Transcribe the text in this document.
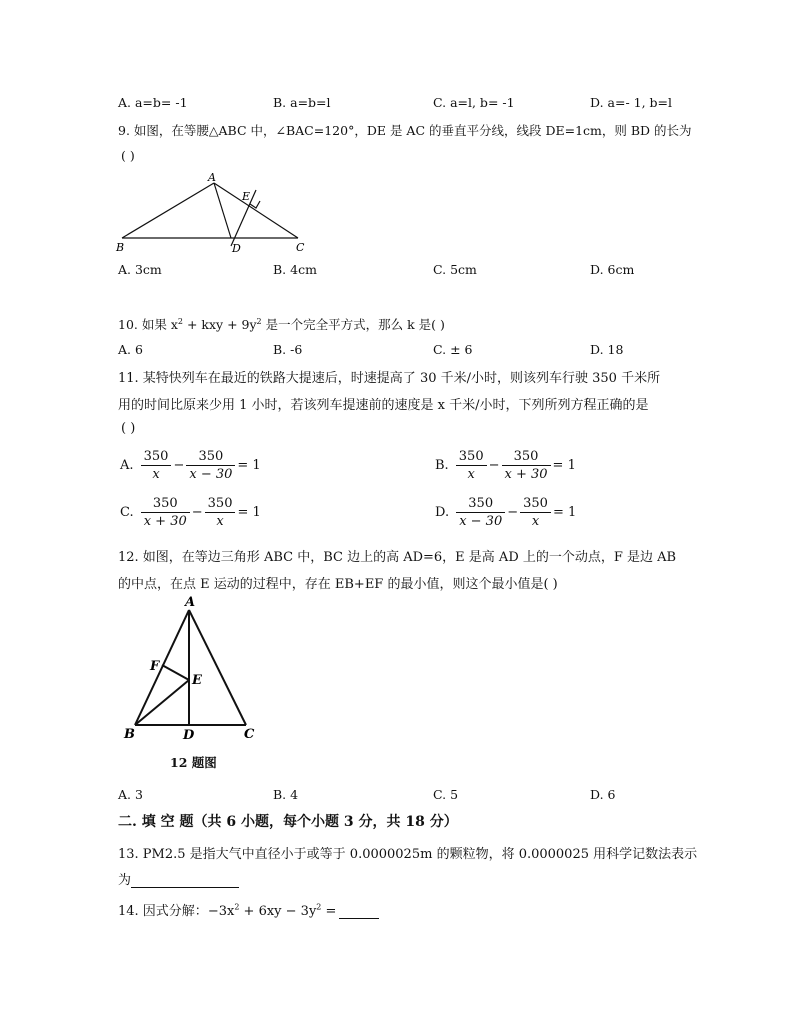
A. a=b= -1	B. a=b=l	C. a=l, b= -1	D. a=- 1, b=l
9. 如图，在等腰△ABC 中，∠BAC=120°，DE 是 AC 的垂直平分线，线段 DE=1cm，则 BD 的长为
( )
A
B	C
D
E
A. 3cm	B. 4cm	C. 5cm	D. 6cm
10. 如果 $x^2$ + kxy + $9y^2$ 是一个完全平方式，那么 k 是( )
A. 6	B. -6	C. ± 6	D. 18
11. 某特快列车在最近的铁路大提速后，时速提高了 30 千米/小时，则该列车行驶 350 千米所
用的时间比原来少用 1 小时，若该列车提速前的速度是 x 千米/小时，下列所列方程正确的是
( )
A. $\frac{350}{x} - \frac{350}{x - 30} = 1$	B. $\frac{350}{x} - \frac{350}{x + 30} = 1$
C. $\frac{350}{x + 30} - \frac{350}{x} = 1$	D. $\frac{350}{x - 30} - \frac{350}{x} = 1$
12. 如图，在等边三角形 ABC 中，BC 边上的高 AD=6，E 是高 AD 上的一个动点，F 是边 AB
的中点，在点 E 运动的过程中，存在 EB+EF 的最小值，则这个最小值是( )
A
F
E
B	D	C
12 题图
A. 3	B. 4	C. 5	D. 6
二. 填 空 题（共 6 小题，每个小题 3 分，共 18 分）
13. PM2.5 是指大气中直径小于或等于 0.0000025m 的颗粒物，将 0.0000025 用科学记数法表示
为
14. 因式分解：$-3x^2 + 6xy - 3y^2$ =
